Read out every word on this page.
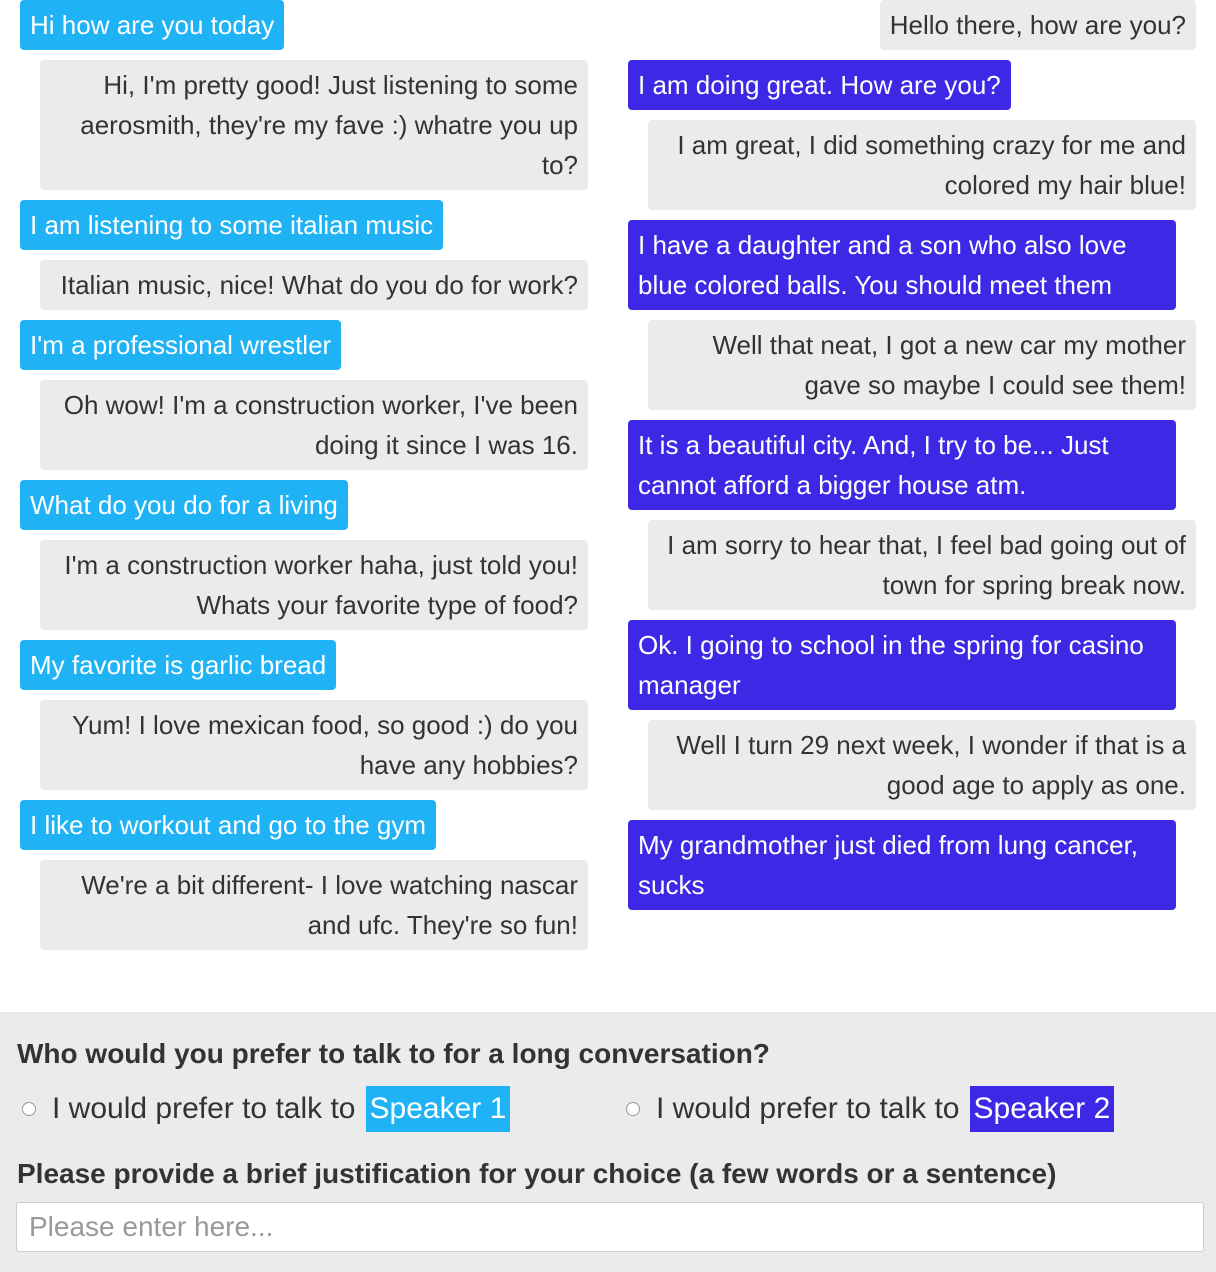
Hi how are you today
Hi, I'm pretty good! Just listening to some aerosmith, they're my fave :) whatre you up to?
I am listening to some italian music
Italian music, nice! What do you do for work?
I'm a professional wrestler
Oh wow! I'm a construction worker, I've been doing it since I was 16.
What do you do for a living
I'm a construction worker haha, just told you! Whats your favorite type of food?
My favorite is garlic bread
Yum! I love mexican food, so good :) do you have any hobbies?
I like to workout and go to the gym
We're a bit different- I love watching nascar and ufc. They're so fun!
Hello there, how are you?
I am doing great. How are you?
I am great, I did something crazy for me and colored my hair blue!
I have a daughter and a son who also love blue colored balls. You should meet them
Well that neat, I got a new car my mother gave so maybe I could see them!
It is a beautiful city. And, I try to be... Just cannot afford a bigger house atm.
I am sorry to hear that, I feel bad going out of town for spring break now.
Ok. I going to school in the spring for casino manager
Well I turn 29 next week, I wonder if that is a good age to apply as one.
My grandmother just died from lung cancer, sucks
Who would you prefer to talk to for a long conversation?
I would prefer to talk to Speaker 1	I would prefer to talk to Speaker 2
Please provide a brief justification for your choice (a few words or a sentence)
Please enter here...
